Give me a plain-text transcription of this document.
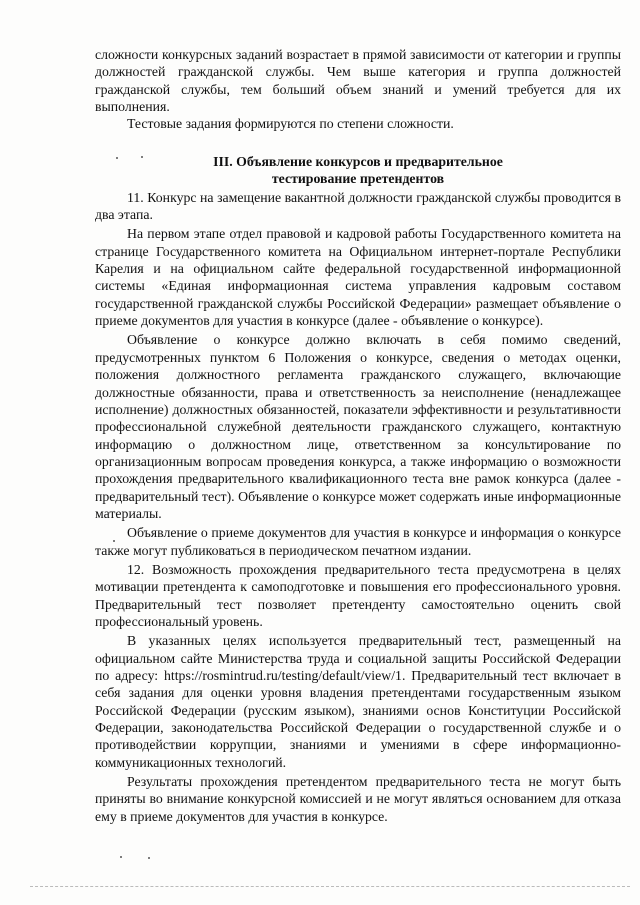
сложности конкурсных заданий возрастает в прямой зависимости от категории и группы должностей гражданской службы. Чем выше категория и группа должностей гражданской службы, тем больший объем знаний и умений требуется для их выполнения.

Тестовые задания формируются по степени сложности.

III. Объявление конкурсов и предварительное
тестирование претендентов

11. Конкурс на замещение вакантной должности гражданской службы проводится в два этапа.

На первом этапе отдел правовой и кадровой работы Государственного комитета на странице Государственного комитета на Официальном интернет-портале Республики Карелия и на официальном сайте федеральной государственной информационной системы «Единая информационная система управления кадровым составом государственной гражданской службы Российской Федерации» размещает объявление о приеме документов для участия в конкурсе (далее - объявление о конкурсе).

Объявление о конкурсе должно включать в себя помимо сведений, предусмотренных пунктом 6 Положения о конкурсе, сведения о методах оценки, положения должностного регламента гражданского служащего, включающие должностные обязанности, права и ответственность за неисполнение (ненадлежащее исполнение) должностных обязанностей, показатели эффективности и результативности профессиональной служебной деятельности гражданского служащего, контактную информацию о должностном лице, ответственном за консультирование по организационным вопросам проведения конкурса, а также информацию о возможности прохождения предварительного квалификационного теста вне рамок конкурса (далее - предварительный тест). Объявление о конкурсе может содержать иные информационные материалы.

Объявление о приеме документов для участия в конкурсе и информация о конкурсе также могут публиковаться в периодическом печатном издании.

12. Возможность прохождения предварительного теста предусмотрена в целях мотивации претендента к самоподготовке и повышения его профессионального уровня. Предварительный тест позволяет претенденту самостоятельно оценить свой профессиональный уровень.

В указанных целях используется предварительный тест, размещенный на официальном сайте Министерства труда и социальной защиты Российской Федерации по адресу: https://rosmintrud.ru/testing/default/view/1. Предварительный тест включает в себя задания для оценки уровня владения претендентами государственным языком Российской Федерации (русским языком), знаниями основ Конституции Российской Федерации, законодательства Российской Федерации о государственной службе и о противодействии коррупции, знаниями и умениями в сфере информационно-коммуникационных технологий.

Результаты прохождения претендентом предварительного теста не могут быть приняты во внимание конкурсной комиссией и не могут являться основанием для отказа ему в приеме документов для участия в конкурсе.
